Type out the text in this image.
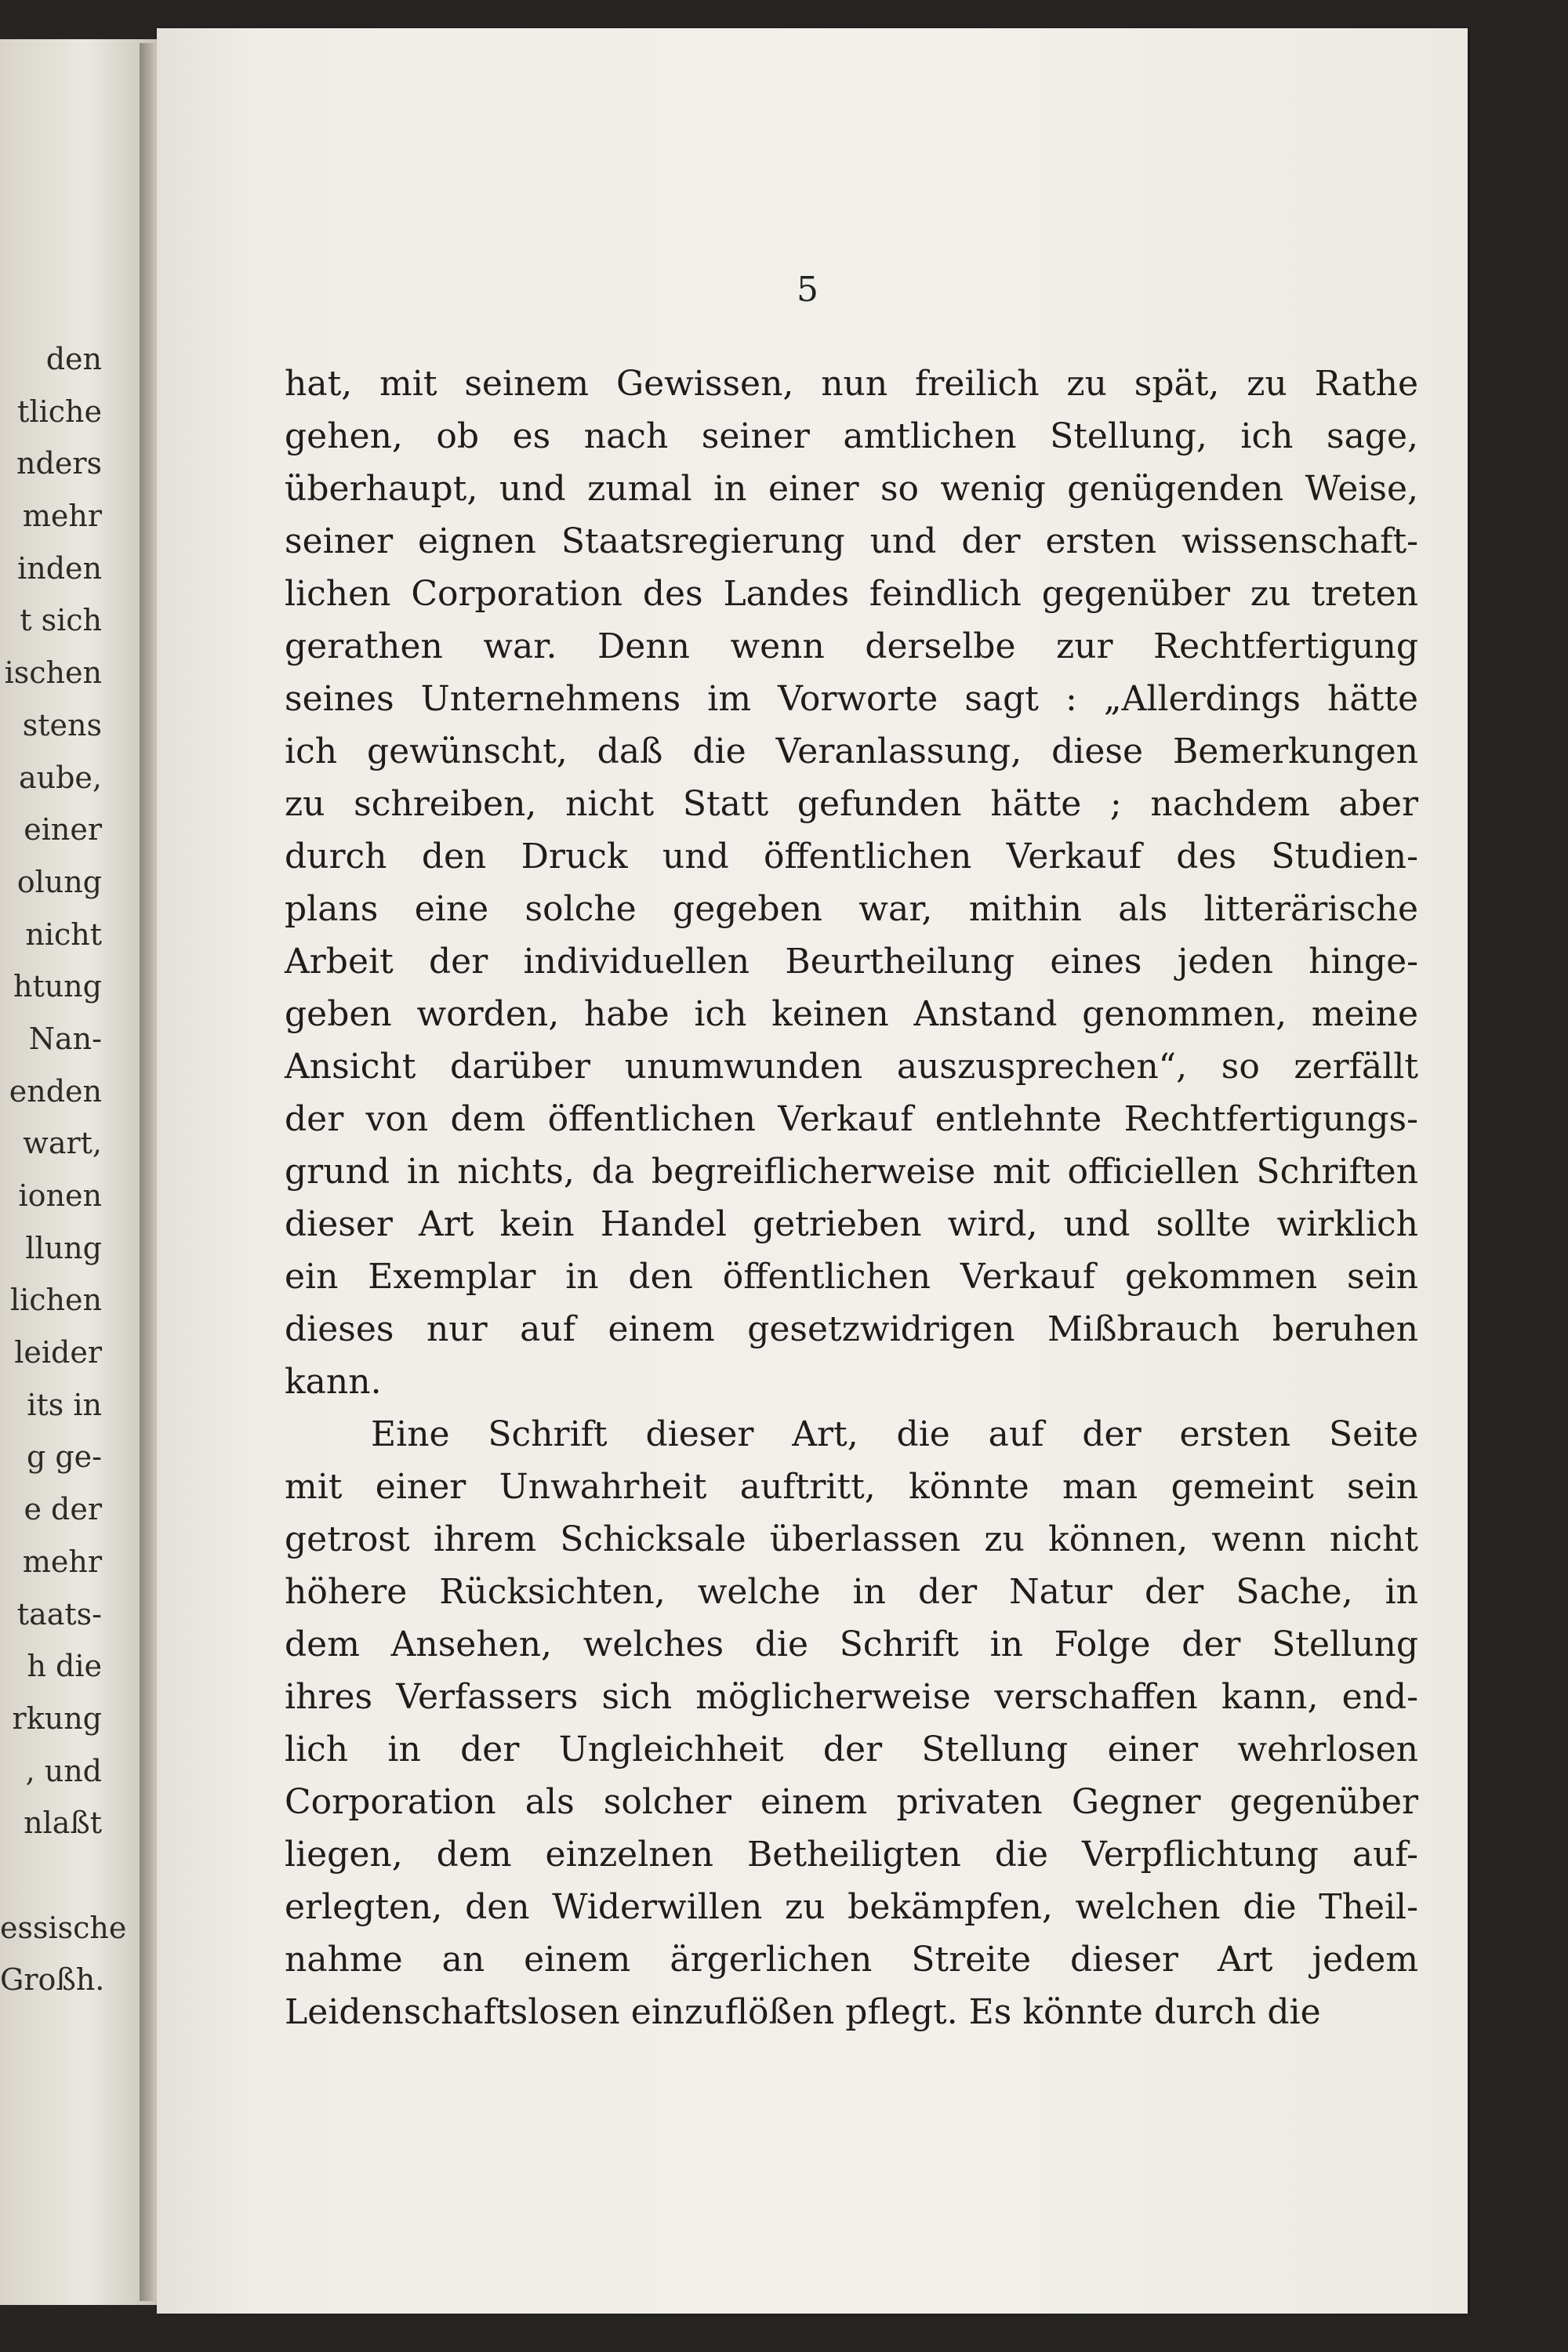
den
tliche
nders
mehr
inden
t sich
ischen
stens
aube,
einer
olung
nicht
htung
Nan-
enden
wart,
ionen
llung
lichen
leider
its in
g ge-
e der
mehr
taats-
h die
rkung
, und
nlaßt
essische
Großh.
5
hat, mit seinem Gewissen, nun freilich zu spät, zu Rathe
gehen, ob es nach seiner amtlichen Stellung, ich sage,
überhaupt, und zumal in einer so wenig genügenden Weise,
seiner eignen Staatsregierung und der ersten wissenschaft-
lichen Corporation des Landes feindlich gegenüber zu treten
gerathen war. Denn wenn derselbe zur Rechtfertigung
seines Unternehmens im Vorworte sagt : „Allerdings hätte
ich gewünscht, daß die Veranlassung, diese Bemerkungen
zu schreiben, nicht Statt gefunden hätte ; nachdem aber
durch den Druck und öffentlichen Verkauf des Studien-
plans eine solche gegeben war, mithin als litterärische
Arbeit der individuellen Beurtheilung eines jeden hinge-
geben worden, habe ich keinen Anstand genommen, meine
Ansicht darüber unumwunden auszusprechen“, so zerfällt
der von dem öffentlichen Verkauf entlehnte Rechtfertigungs-
grund in nichts, da begreiflicherweise mit officiellen Schriften
dieser Art kein Handel getrieben wird, und sollte wirklich
ein Exemplar in den öffentlichen Verkauf gekommen sein
dieses nur auf einem gesetzwidrigen Mißbrauch beruhen
kann.
Eine Schrift dieser Art, die auf der ersten Seite
mit einer Unwahrheit auftritt, könnte man gemeint sein
getrost ihrem Schicksale überlassen zu können, wenn nicht
höhere Rücksichten, welche in der Natur der Sache, in
dem Ansehen, welches die Schrift in Folge der Stellung
ihres Verfassers sich möglicherweise verschaffen kann, end-
lich in der Ungleichheit der Stellung einer wehrlosen
Corporation als solcher einem privaten Gegner gegenüber
liegen, dem einzelnen Betheiligten die Verpflichtung auf-
erlegten, den Widerwillen zu bekämpfen, welchen die Theil-
nahme an einem ärgerlichen Streite dieser Art jedem
Leidenschaftslosen einzuflößen pflegt. Es könnte durch die
